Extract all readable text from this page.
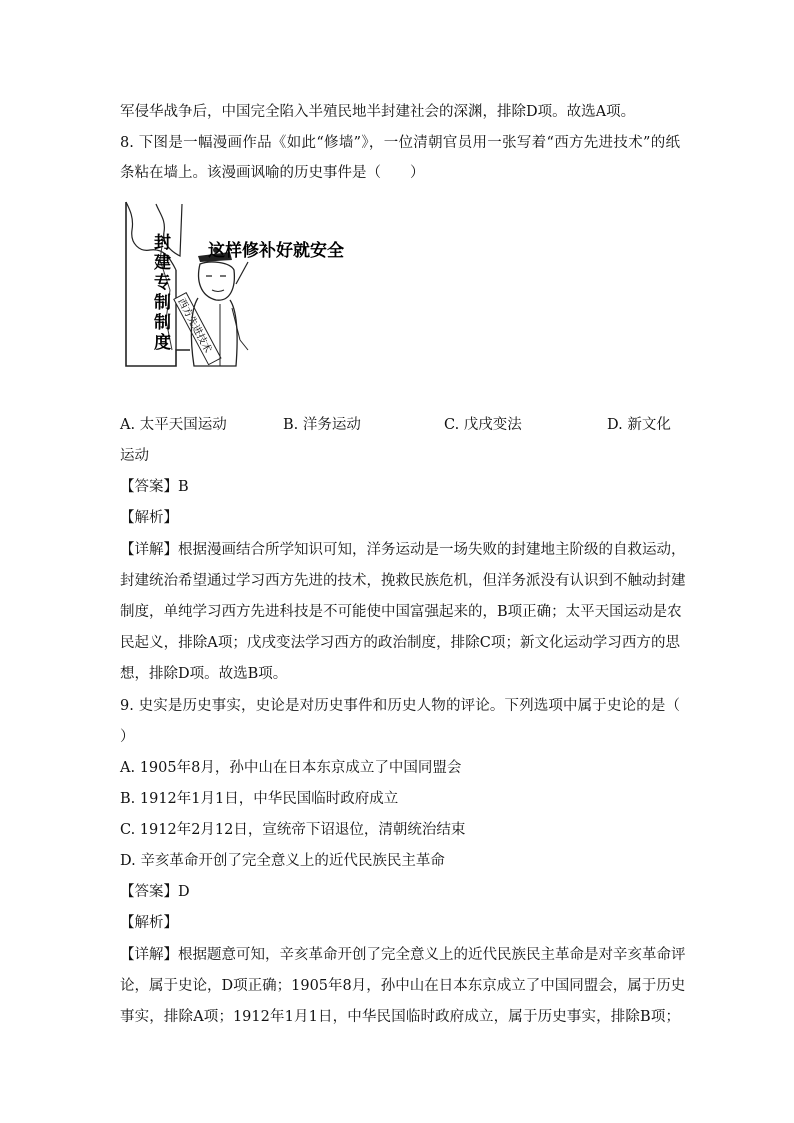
军侵华战争后，中国完全陷入半殖民地半封建社会的深渊，排除D项。故选A项。
8. 下图是一幅漫画作品《如此“修墙”》，一位清朝官员用一张写着“西方先进技术”的纸
条粘在墙上。该漫画讽喻的历史事件是（　　）
封
建
专
制
制
度 西方先进技术
这样修补好就安全
A. 太平天国运动	B. 洋务运动	C. 戊戌变法	D. 新文化
运动
【答案】B
【解析】
【详解】根据漫画结合所学知识可知，洋务运动是一场失败的封建地主阶级的自救运动，
封建统治希望通过学习西方先进的技术，挽救民族危机，但洋务派没有认识到不触动封建
制度，单纯学习西方先进科技是不可能使中国富强起来的，B项正确；太平天国运动是农
民起义，排除A项；戊戌变法学习西方的政治制度，排除C项；新文化运动学习西方的思
想，排除D项。故选B项。
9. 史实是历史事实，史论是对历史事件和历史人物的评论。下列选项中属于史论的是（
）
A. 1905年8月，孙中山在日本东京成立了中国同盟会
B. 1912年1月1日，中华民国临时政府成立
C. 1912年2月12日，宣统帝下诏退位，清朝统治结束
D. 辛亥革命开创了完全意义上的近代民族民主革命
【答案】D
【解析】
【详解】根据题意可知，辛亥革命开创了完全意义上的近代民族民主革命是对辛亥革命评
论，属于史论，D项正确；1905年8月，孙中山在日本东京成立了中国同盟会，属于历史
事实，排除A项；1912年1月1日，中华民国临时政府成立，属于历史事实，排除B项；
